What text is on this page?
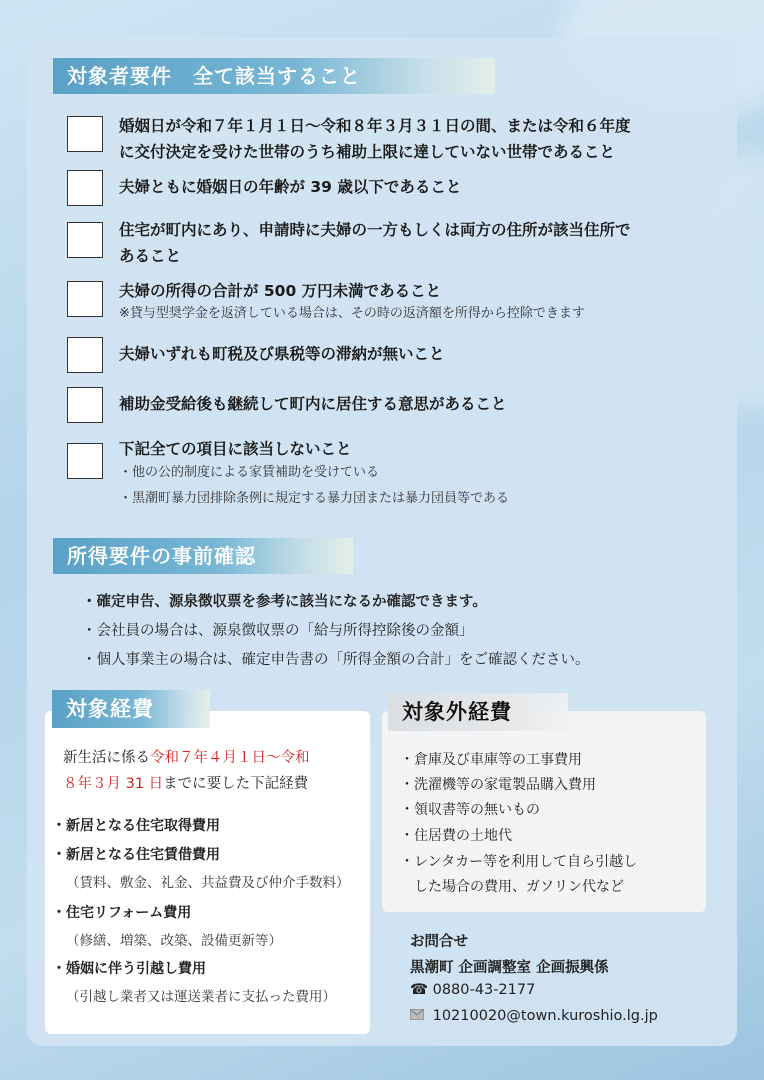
対象者要件　全て該当すること
婚姻日が令和７年１月１日〜令和８年３月３１日の間、または令和６年度
に交付決定を受けた世帯のうち補助上限に達していない世帯であること
夫婦ともに婚姻日の年齢が 39 歳以下であること
住宅が町内にあり、申請時に夫婦の一方もしくは両方の住所が該当住所で
あること
夫婦の所得の合計が 500 万円未満であること
※貸与型奨学金を返済している場合は、その時の返済額を所得から控除できます
夫婦いずれも町税及び県税等の滞納が無いこと
補助金受給後も継続して町内に居住する意思があること
下記全ての項目に該当しないこと
・他の公的制度による家賃補助を受けている
・黒潮町暴力団排除条例に規定する暴力団または暴力団員等である
所得要件の事前確認
・確定申告、源泉徴収票を参考に該当になるか確認できます。
・会社員の場合は、源泉徴収票の「給与所得控除後の金額」
・個人事業主の場合は、確定申告書の「所得金額の合計」をご確認ください。
対象経費
新生活に係る令和７年４月１日〜令和
８年３月 31 日までに要した下記経費
・新居となる住宅取得費用
・新居となる住宅賃借費用
（賃料、敷金、礼金、共益費及び仲介手数料）
・住宅リフォーム費用
（修繕、増築、改築、設備更新等）
・婚姻に伴う引越し費用
（引越し業者又は運送業者に支払った費用）
対象外経費
・倉庫及び車庫等の工事費用
・洗濯機等の家電製品購入費用
・領収書等の無いもの
・住居費の土地代
・レンタカー等を利用して自ら引越し
　した場合の費用、ガソリン代など
お問合せ
黒潮町 企画調整室 企画振興係
☎ 0880-43-2177
10210020@town.kuroshio.lg.jp
